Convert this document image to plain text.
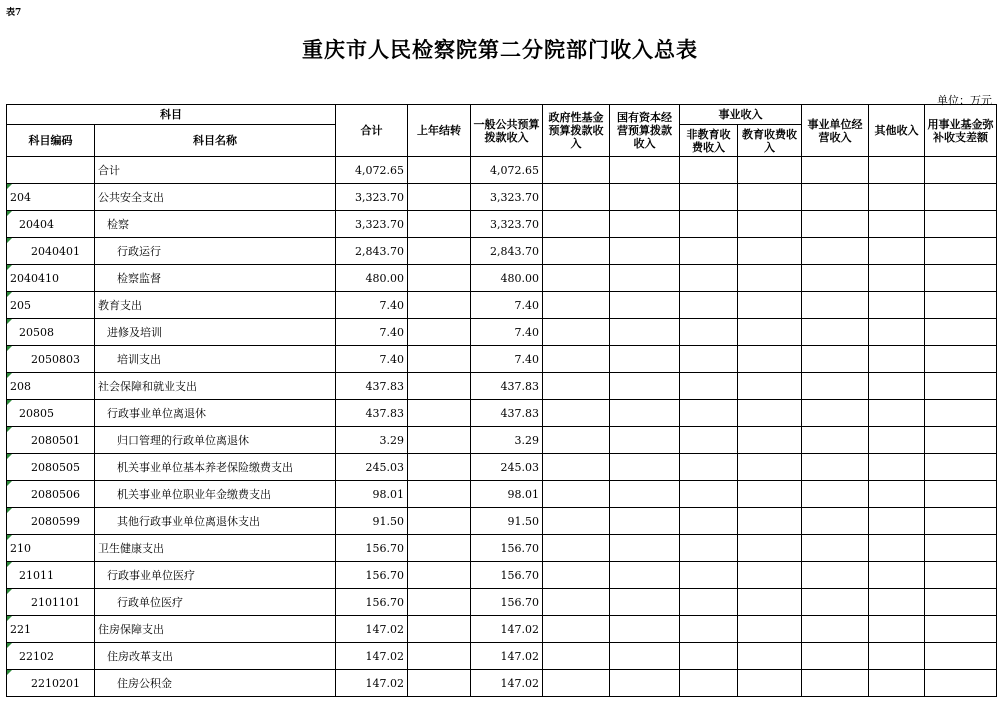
表7
重庆市人民检察院第二分院部门收入总表
单位：万元
科目		合计	上年结转	一般公共预算拨款收入	政府性基金预算拨款收入	国有资本经营预算拨款收入	事业收入		事业单位经营收入	其他收入	用事业基金弥补收支差额
科目编码	科目名称						非教育收费收入	教育收费收入			

	合计	4,072.65		4,072.65							
204	公共安全支出	3,323.70		3,323.70							
20404	检察	3,323.70		3,323.70							
2040401	行政运行	2,843.70		2,843.70							
2040410	检察监督	480.00		480.00							
205	教育支出	7.40		7.40							
20508	进修及培训	7.40		7.40							
2050803	培训支出	7.40		7.40							
208	社会保障和就业支出	437.83		437.83							
20805	行政事业单位离退休	437.83		437.83							
2080501	归口管理的行政单位离退休	3.29		3.29							
2080505	机关事业单位基本养老保险缴费支出	245.03		245.03							
2080506	机关事业单位职业年金缴费支出	98.01		98.01							
2080599	其他行政事业单位离退休支出	91.50		91.50							
210	卫生健康支出	156.70		156.70							
21011	行政事业单位医疗	156.70		156.70							
2101101	行政单位医疗	156.70		156.70							
221	住房保障支出	147.02		147.02							
22102	住房改革支出	147.02		147.02							
2210201	住房公积金	147.02		147.02							
